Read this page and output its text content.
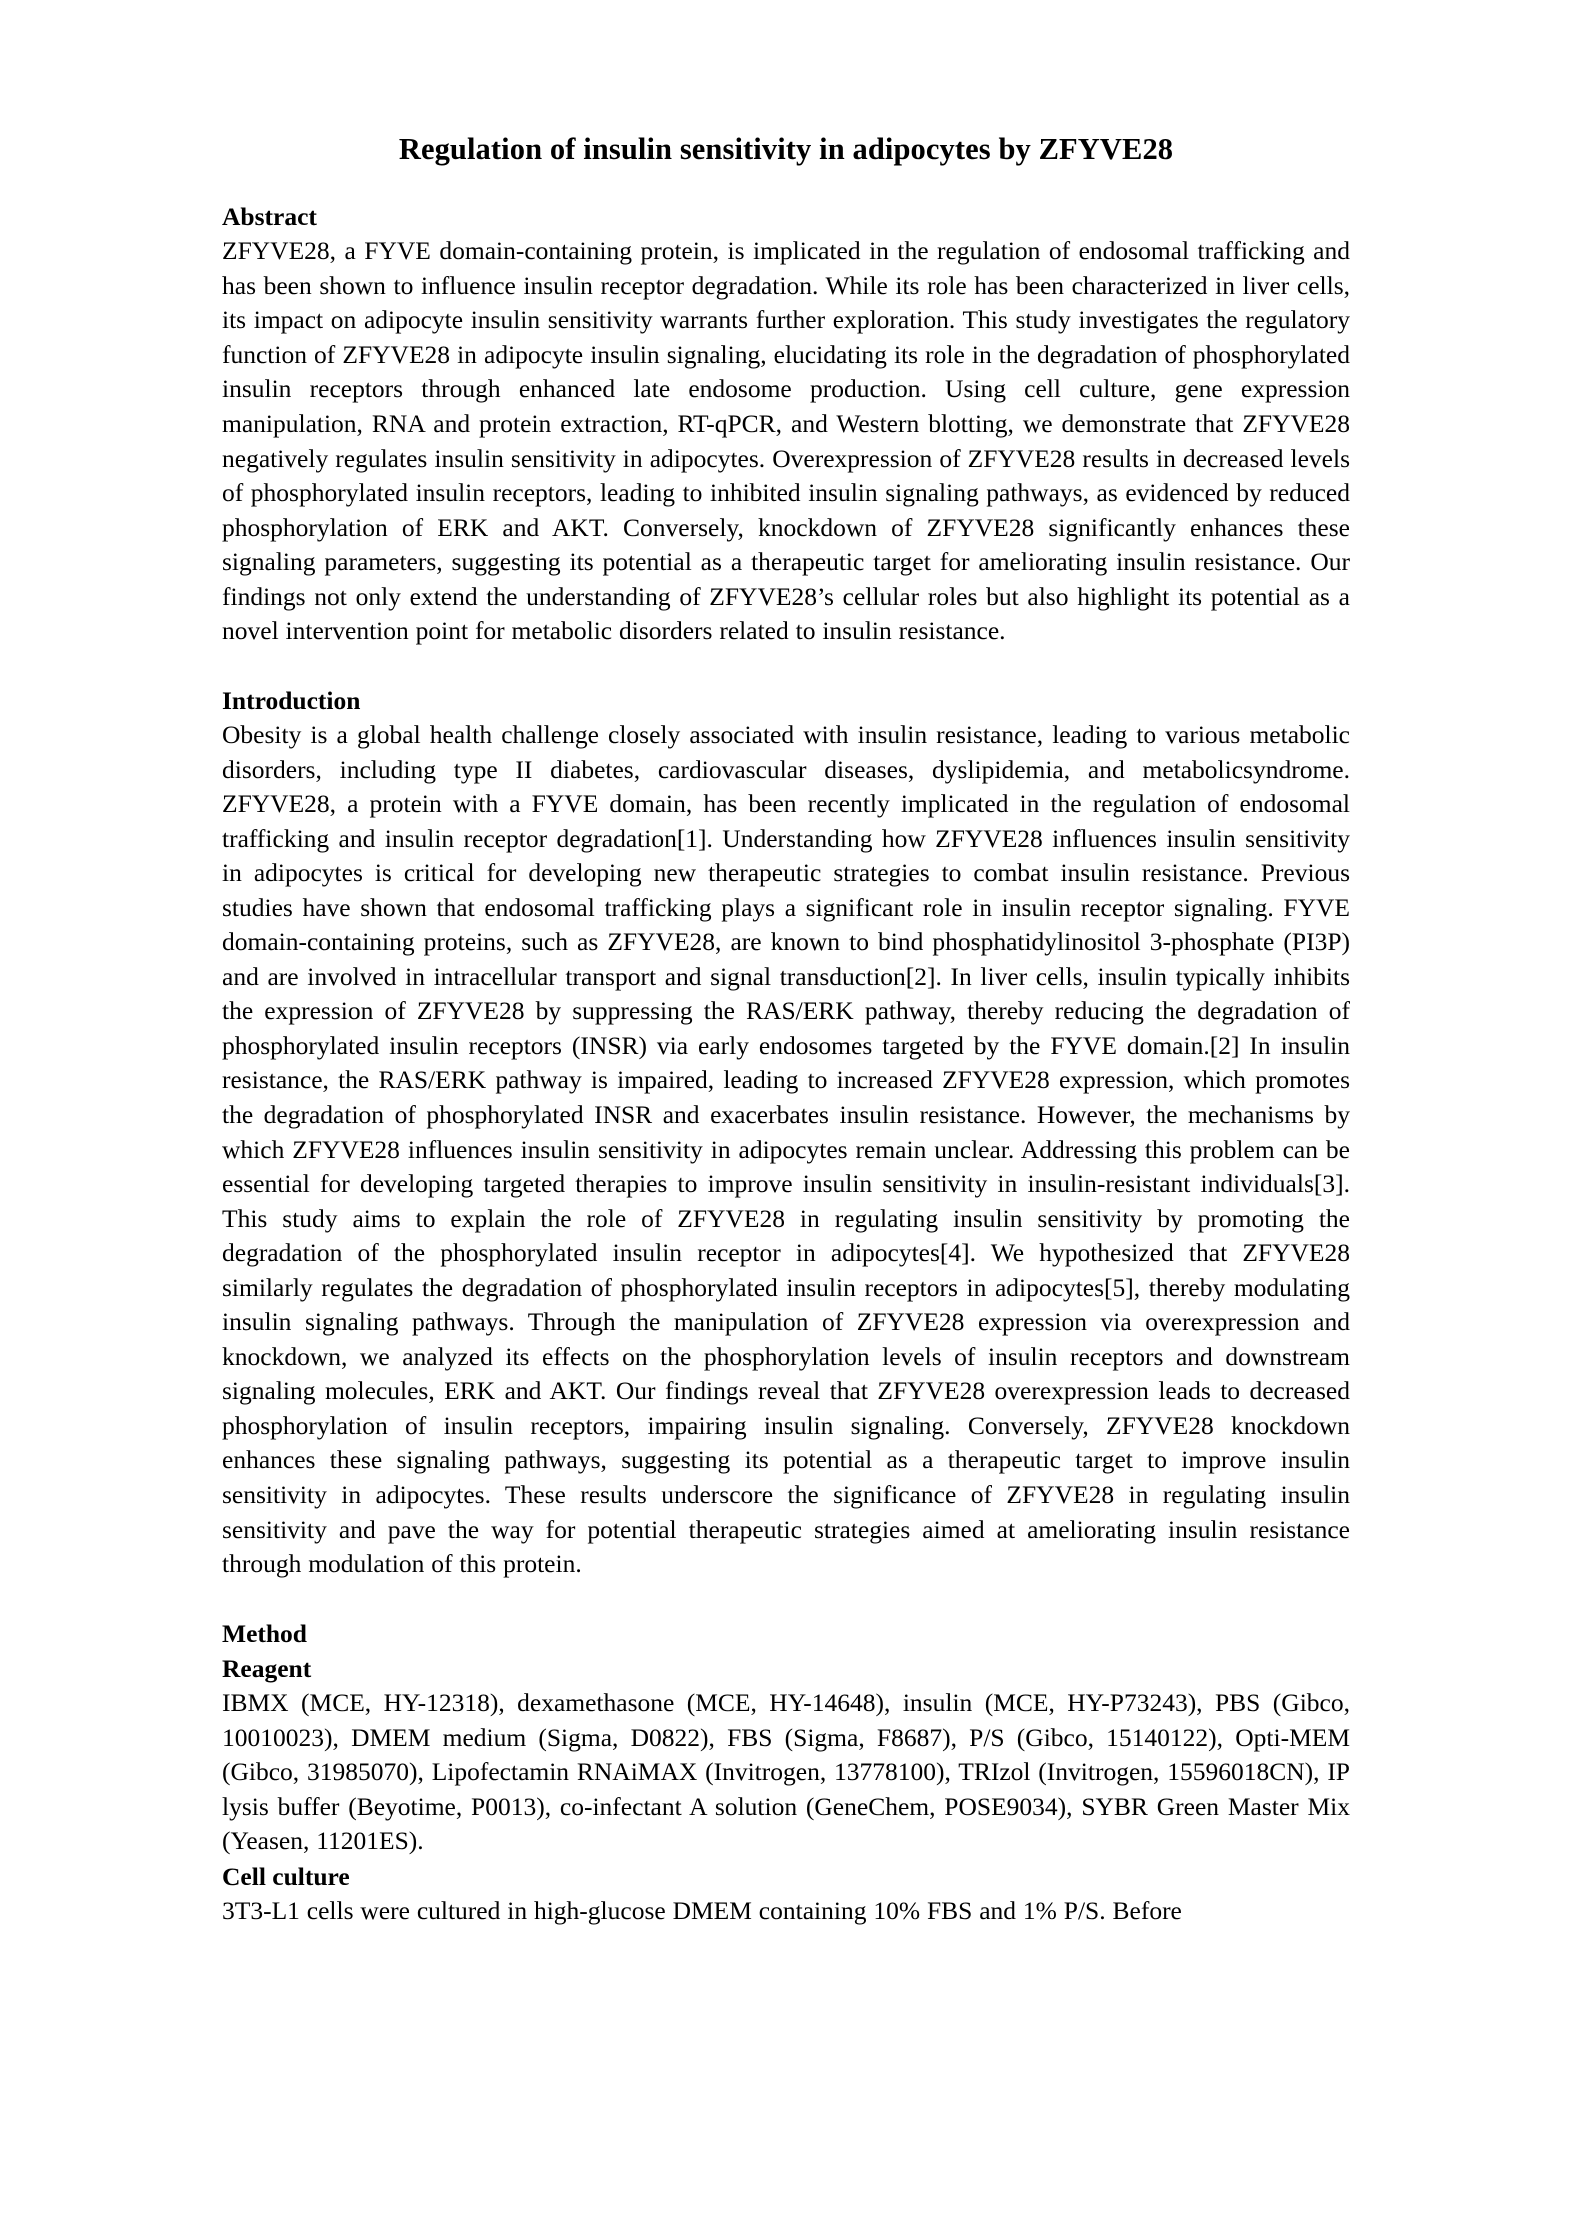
Regulation of insulin sensitivity in adipocytes by ZFYVE28
Abstract

ZFYVE28, a FYVE domain-containing protein, is implicated in the regulation of endosomal trafficking and has been shown to influence insulin receptor degradation. While its role has been characterized in liver cells, its impact on adipocyte insulin sensitivity warrants further exploration. This study investigates the regulatory function of ZFYVE28 in adipocyte insulin signaling, elucidating its role in the degradation of phosphorylated insulin receptors through enhanced late endosome production. Using cell culture, gene expression manipulation, RNA and protein extraction, RT-qPCR, and Western blotting, we demonstrate that ZFYVE28 negatively regulates insulin sensitivity in adipocytes. Overexpression of ZFYVE28 results in decreased levels of phosphorylated insulin receptors, leading to inhibited insulin signaling pathways, as evidenced by reduced phosphorylation of ERK and AKT. Conversely, knockdown of ZFYVE28 significantly enhances these signaling parameters, suggesting its potential as a therapeutic target for ameliorating insulin resistance. Our findings not only extend the understanding of ZFYVE28’s cellular roles but also highlight its potential as a novel intervention point for metabolic disorders related to insulin resistance.

Introduction

Obesity is a global health challenge closely associated with insulin resistance, leading to various metabolic disorders, including type II diabetes, cardiovascular diseases, dyslipidemia, and metabolicsyndrome. ZFYVE28, a protein with a FYVE domain, has been recently implicated in the regulation of endosomal trafficking and insulin receptor degradation[1]. Understanding how ZFYVE28 influences insulin sensitivity in adipocytes is critical for developing new therapeutic strategies to combat insulin resistance. Previous studies have shown that endosomal trafficking plays a significant role in insulin receptor signaling. FYVE domain-containing proteins, such as ZFYVE28, are known to bind phosphatidylinositol 3-phosphate (PI3P) and are involved in intracellular transport and signal transduction[2]. In liver cells, insulin typically inhibits the expression of ZFYVE28 by suppressing the RAS/ERK pathway, thereby reducing the degradation of phosphorylated insulin receptors (INSR) via early endosomes targeted by the FYVE domain.[2] In insulin resistance, the RAS/ERK pathway is impaired, leading to increased ZFYVE28 expression, which promotes the degradation of phosphorylated INSR and exacerbates insulin resistance. However, the mechanisms by which ZFYVE28 influences insulin sensitivity in adipocytes remain unclear. Addressing this problem can be essential for developing targeted therapies to improve insulin sensitivity in insulin-resistant individuals[3]. This study aims to explain the role of ZFYVE28 in regulating insulin sensitivity by promoting the degradation of the phosphorylated insulin receptor in adipocytes[4]. We hypothesized that ZFYVE28 similarly regulates the degradation of phosphorylated insulin receptors in adipocytes[5], thereby modulating insulin signaling pathways. Through the manipulation of ZFYVE28 expression via overexpression and knockdown, we analyzed its effects on the phosphorylation levels of insulin receptors and downstream signaling molecules, ERK and AKT. Our findings reveal that ZFYVE28 overexpression leads to decreased phosphorylation of insulin receptors, impairing insulin signaling. Conversely, ZFYVE28 knockdown enhances these signaling pathways, suggesting its potential as a therapeutic target to improve insulin sensitivity in adipocytes. These results underscore the significance of ZFYVE28 in regulating insulin sensitivity and pave the way for potential therapeutic strategies aimed at ameliorating insulin resistance through modulation of this protein.

Method
Reagent

IBMX (MCE, HY-12318), dexamethasone (MCE, HY-14648), insulin (MCE, HY-P73243), PBS (Gibco, 10010023), DMEM medium (Sigma, D0822), FBS (Sigma, F8687), P/S (Gibco, 15140122), Opti-MEM (Gibco, 31985070), Lipofectamin RNAiMAX (Invitrogen, 13778100), TRIzol (Invitrogen, 15596018CN), IP lysis buffer (Beyotime, P0013), co-infectant A solution (GeneChem, POSE9034), SYBR Green Master Mix (Yeasen, 11201ES).

Cell culture

3T3-L1 cells were cultured in high-glucose DMEM containing 10% FBS and 1% P/S. Before
